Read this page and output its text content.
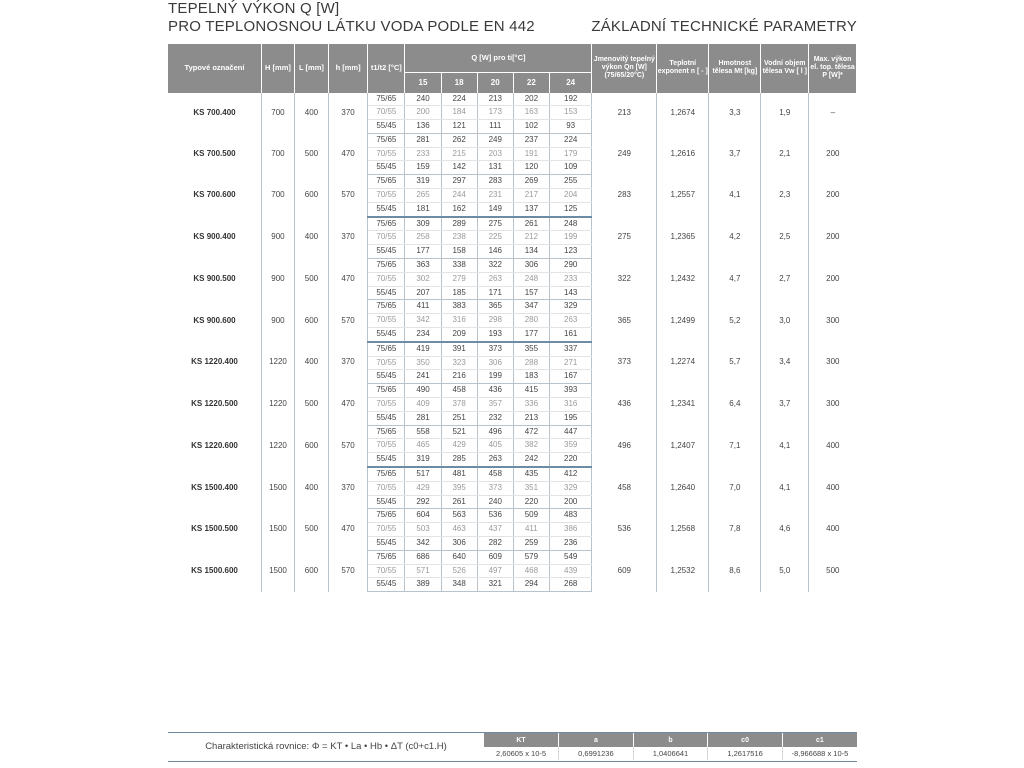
TEPELNÝ VÝKON Q [W]
PRO TEPLONOSNOU LÁTKU VODA PODLE EN 442	ZÁKLADNÍ TECHNICKÉ PARAMETRY
Typové označení	H [mm]	L [mm]	h [mm]	t1/t2 [°C]	Q [W] pro ti[°C]					Jmenovitý tepelný výkon Qn [W] (75/65/20°C)	Teplotní exponent n [ - ]	Hmotnost tělesa Mt [kg]	Vodní objem tělesa Vw [ l ]	Max. výkon el. top. tělesa P [W]*
					15	18	20	22	24					
KS 700.400	700	400	370	75/65	240	224	213	202	192	213	1,2674	3,3	1,9	–
				70/55	200	184	173	163	153					
				55/45	136	121	111	102	93					
KS 700.500	700	500	470	75/65	281	262	249	237	224	249	1,2616	3,7	2,1	200
				70/55	233	215	203	191	179					
				55/45	159	142	131	120	109					
KS 700.600	700	600	570	75/65	319	297	283	269	255	283	1,2557	4,1	2,3	200
				70/55	265	244	231	217	204					
				55/45	181	162	149	137	125					
KS 900.400	900	400	370	75/65	309	289	275	261	248	275	1,2365	4,2	2,5	200
				70/55	258	238	225	212	199					
				55/45	177	158	146	134	123					
KS 900.500	900	500	470	75/65	363	338	322	306	290	322	1,2432	4,7	2,7	200
				70/55	302	279	263	248	233					
				55/45	207	185	171	157	143					
KS 900.600	900	600	570	75/65	411	383	365	347	329	365	1,2499	5,2	3,0	300
				70/55	342	316	298	280	263					
				55/45	234	209	193	177	161					
KS 1220.400	1220	400	370	75/65	419	391	373	355	337	373	1,2274	5,7	3,4	300
				70/55	350	323	306	288	271					
				55/45	241	216	199	183	167					
KS 1220.500	1220	500	470	75/65	490	458	436	415	393	436	1,2341	6,4	3,7	300
				70/55	409	378	357	336	316					
				55/45	281	251	232	213	195					
KS 1220.600	1220	600	570	75/65	558	521	496	472	447	496	1,2407	7,1	4,1	400
				70/55	465	429	405	382	359					
				55/45	319	285	263	242	220					
KS 1500.400	1500	400	370	75/65	517	481	458	435	412	458	1,2640	7,0	4,1	400
				70/55	429	395	373	351	329					
				55/45	292	261	240	220	200					
KS 1500.500	1500	500	470	75/65	604	563	536	509	483	536	1,2568	7,8	4,6	400
				70/55	503	463	437	411	386					
				55/45	342	306	282	259	236					
KS 1500.600	1500	600	570	75/65	686	640	609	579	549	609	1,2532	8,6	5,0	500
				70/55	571	526	497	468	439					
				55/45	389	348	321	294	268					
Charakteristická rovnice: Φ = KT • La • Hb • ΔT (c0+c1.H)
KT	a	b	c0	c1
2,60605 x 10-5	0,6991236	1,0406641	1,2617516	-8,966688 x 10-5
